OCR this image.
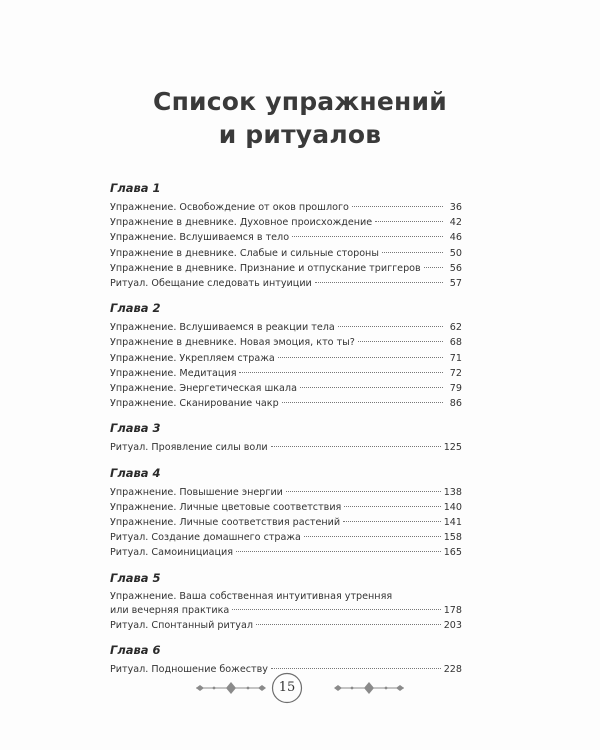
Список упражнений
и ритуалов
Глава 1
Упражнение. Освобождение от оков прошлого	36
Упражнение в дневнике. Духовное происхождение	42
Упражнение. Вслушиваемся в тело	46
Упражнение в дневнике. Слабые и сильные стороны	50
Упражнение в дневнике. Признание и отпускание триггеров	56
Ритуал. Обещание следовать интуиции	57
Глава 2
Упражнение. Вслушиваемся в реакции тела	62
Упражнение в дневнике. Новая эмоция, кто ты?	68
Упражнение. Укрепляем стража	71
Упражнение. Медитация	72
Упражнение. Энергетическая шкала	79
Упражнение. Сканирование чакр	86
Глава 3
Ритуал. Проявление силы воли	125
Глава 4
Упражнение. Повышение энергии	138
Упражнение. Личные цветовые соответствия	140
Упражнение. Личные соответствия растений	141
Ритуал. Создание домашнего стража	158
Ритуал. Самоинициация	165
Глава 5
Упражнение. Ваша собственная интуитивная утренняя
или вечерняя практика	178
Ритуал. Спонтанный ритуал	203
Глава 6
Ритуал. Подношение божеству	228
15
